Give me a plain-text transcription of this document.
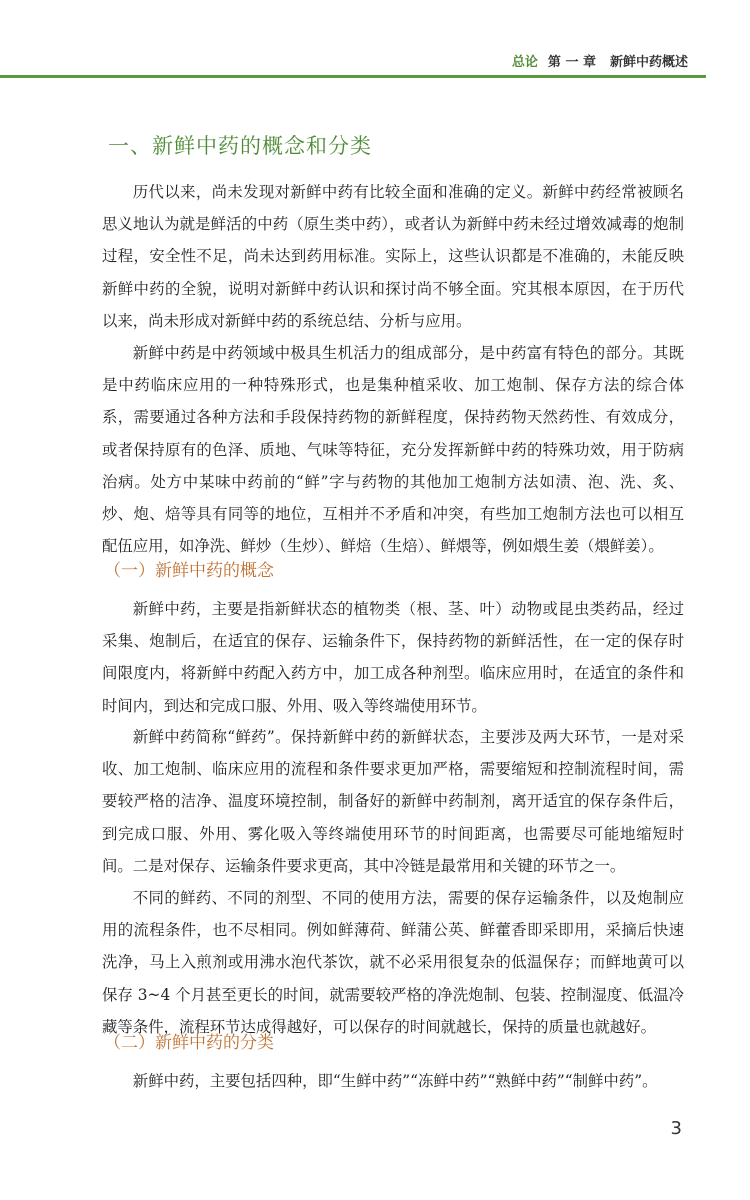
总论 第 一 章 新鲜中药概述
一、新鲜中药的概念和分类
历代以来，尚未发现对新鲜中药有比较全面和准确的定义。新鲜中药经常被顾名思义地认为就是鲜活的中药（原生类中药），或者认为新鲜中药未经过增效减毒的炮制过程，安全性不足，尚未达到药用标准。实际上，这些认识都是不准确的，未能反映新鲜中药的全貌，说明对新鲜中药认识和探讨尚不够全面。究其根本原因，在于历代以来，尚未形成对新鲜中药的系统总结、分析与应用。
新鲜中药是中药领域中极具生机活力的组成部分，是中药富有特色的部分。其既是中药临床应用的一种特殊形式，也是集种植采收、加工炮制、保存方法的综合体系，需要通过各种方法和手段保持药物的新鲜程度，保持药物天然药性、有效成分，或者保持原有的色泽、质地、气味等特征，充分发挥新鲜中药的特殊功效，用于防病治病。处方中某味中药前的“鲜”字与药物的其他加工炮制方法如渍、泡、洗、炙、炒、炮、焙等具有同等的地位，互相并不矛盾和冲突，有些加工炮制方法也可以相互配伍应用，如净洗、鲜炒（生炒）、鲜焙（生焙）、鲜煨等，例如煨生姜（煨鲜姜）。
（一）新鲜中药的概念
新鲜中药，主要是指新鲜状态的植物类（根、茎、叶）动物或昆虫类药品，经过采集、炮制后，在适宜的保存、运输条件下，保持药物的新鲜活性，在一定的保存时间限度内，将新鲜中药配入药方中，加工成各种剂型。临床应用时，在适宜的条件和时间内，到达和完成口服、外用、吸入等终端使用环节。
新鲜中药简称“鲜药”。保持新鲜中药的新鲜状态，主要涉及两大环节，一是对采收、加工炮制、临床应用的流程和条件要求更加严格，需要缩短和控制流程时间，需要较严格的洁净、温度环境控制，制备好的新鲜中药制剂，离开适宜的保存条件后，到完成口服、外用、雾化吸入等终端使用环节的时间距离，也需要尽可能地缩短时间。二是对保存、运输条件要求更高，其中冷链是最常用和关键的环节之一。
不同的鲜药、不同的剂型、不同的使用方法，需要的保存运输条件，以及炮制应用的流程条件，也不尽相同。例如鲜薄荷、鲜蒲公英、鲜藿香即采即用，采摘后快速洗净，马上入煎剂或用沸水泡代茶饮，就不必采用很复杂的低温保存；而鲜地黄可以保存 3~4 个月甚至更长的时间，就需要较严格的净洗炮制、包装、控制湿度、低温冷藏等条件，流程环节达成得越好，可以保存的时间就越长，保持的质量也就越好。
（二）新鲜中药的分类
新鲜中药，主要包括四种，即“生鲜中药”“冻鲜中药”“熟鲜中药”“制鲜中药”。
3
